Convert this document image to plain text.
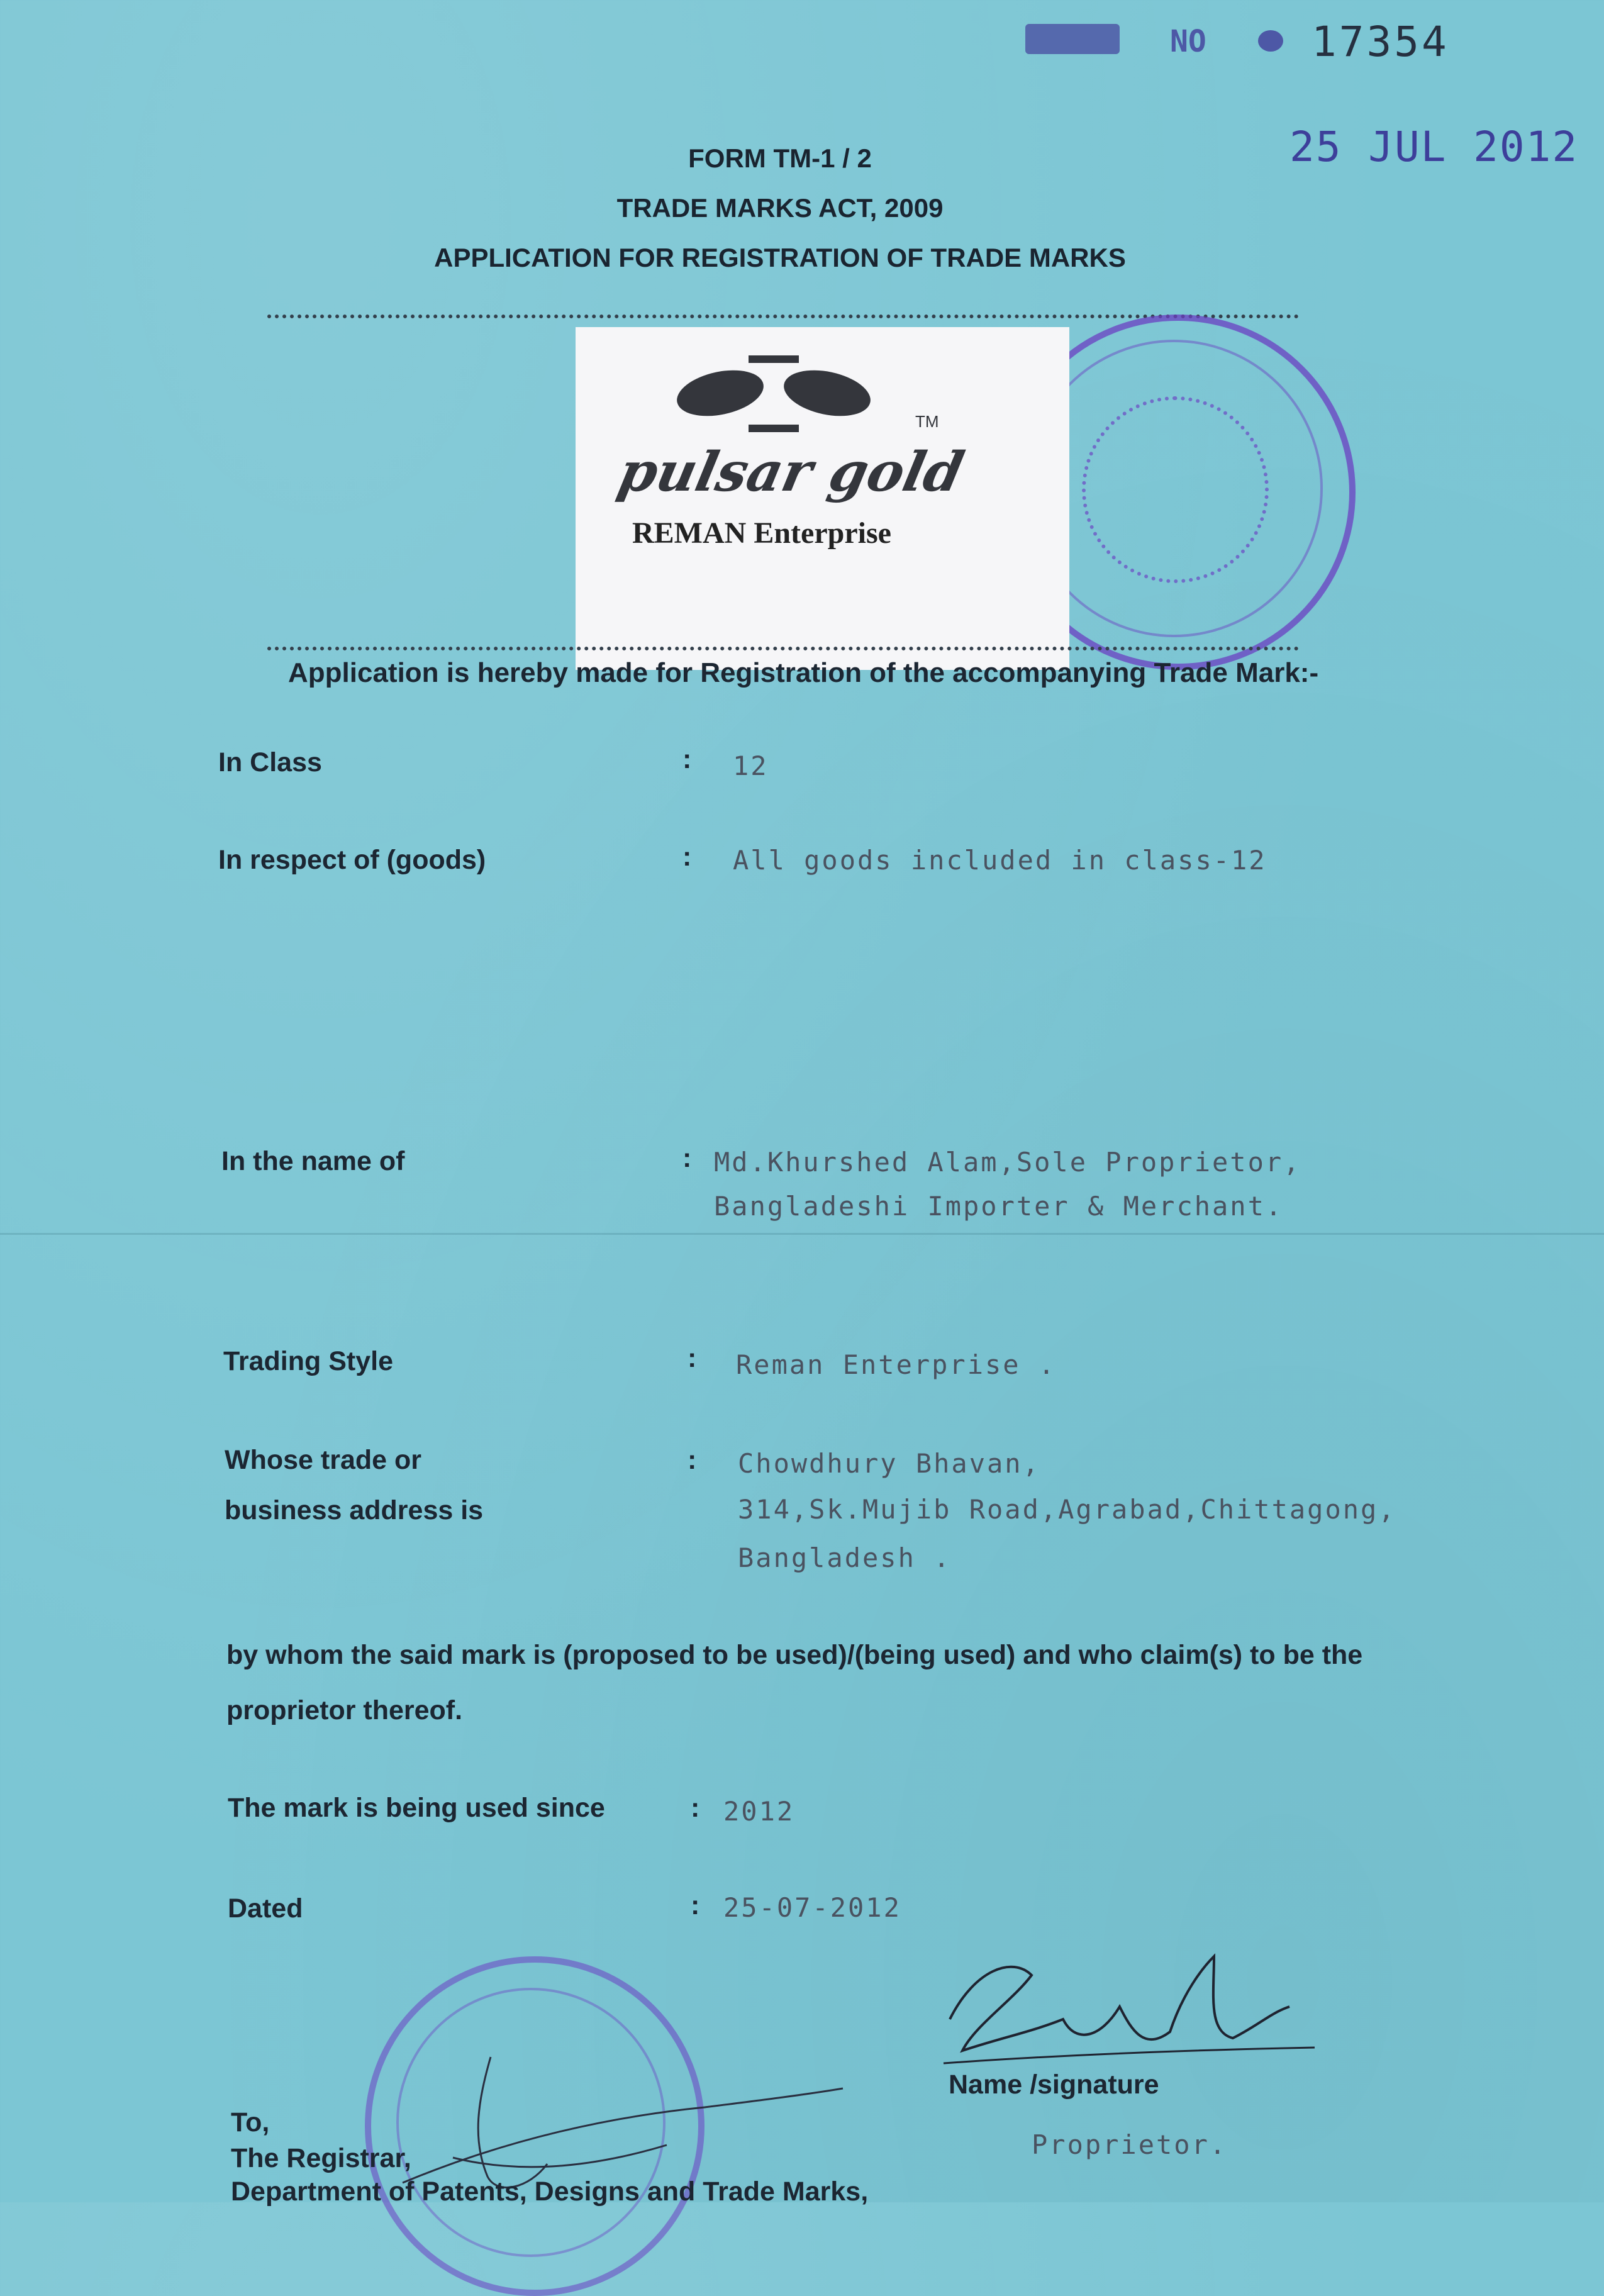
NO	17354
25 JUL 2012
FORM TM-1 / 2
TRADE MARKS ACT, 2009
APPLICATION FOR REGISTRATION OF TRADE MARKS
pulsar gold
TM
REMAN Enterprise
Application is hereby made for Registration of the accompanying Trade Mark:-
In Class	: 12
In respect of (goods)	: All goods included in class-12
In the name of	: Md.Khurshed Alam,Sole Proprietor,
Bangladeshi Importer & Merchant.
Trading Style	: Reman Enterprise .
Whose trade or
business address is
: Chowdhury Bhavan,
314,Sk.Mujib Road,Agrabad,Chittagong,
Bangladesh .
by whom the said mark is (proposed to be used)/(being used) and who claim(s) to be the
proprietor thereof.
The mark is being used since	: 2012
Dated	: 25-07-2012
Name /signature
Proprietor.
To,
The Registrar,
Department of Patents, Designs and Trade Marks,
